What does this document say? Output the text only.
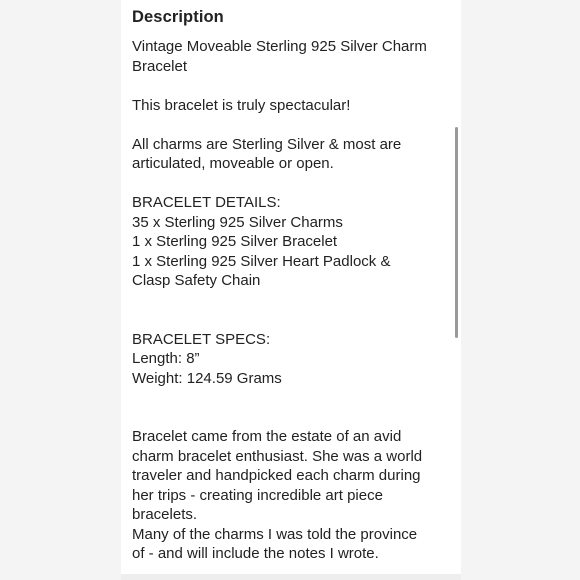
Description

Vintage Moveable Sterling 925 Silver Charm

Bracelet

This bracelet is truly spectacular!

All charms are Sterling Silver & most are

articulated, moveable or open.

BRACELET DETAILS:

35 x Sterling 925 Silver Charms

1 x Sterling 925 Silver Bracelet

1 x Sterling 925 Silver Heart Padlock &

Clasp Safety Chain

BRACELET SPECS:

Length: 8”

Weight: 124.59 Grams

Bracelet came from the estate of an avid

charm bracelet enthusiast. She was a world

traveler and handpicked each charm during

her trips - creating incredible art piece

bracelets.

Many of the charms I was told the province

of - and will include the notes I wrote.
